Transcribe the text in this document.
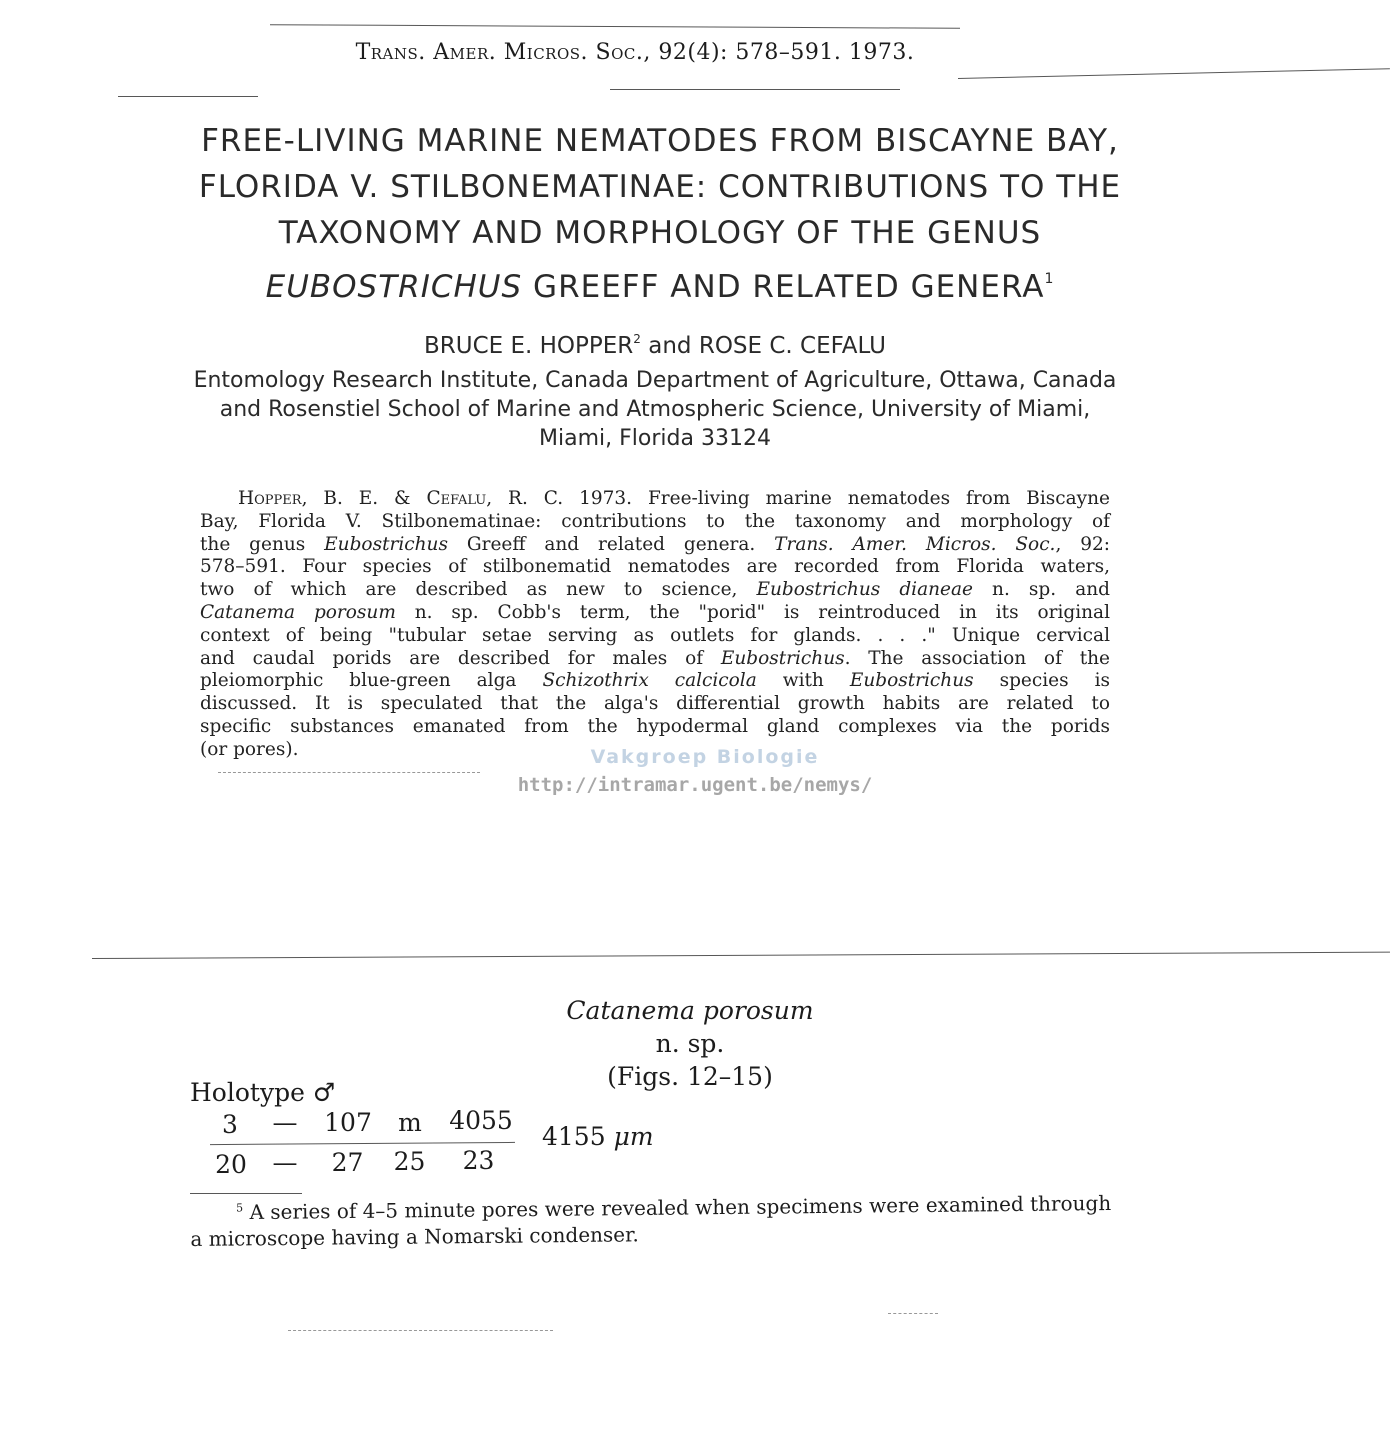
Trans. Amer. Micros. Soc., 92(4): 578–591. 1973.
FREE-LIVING MARINE NEMATODES FROM BISCAYNE BAY,
FLORIDA V. STILBONEMATINAE: CONTRIBUTIONS TO THE
TAXONOMY AND MORPHOLOGY OF THE GENUS
EUBOSTRICHUS GREEFF AND RELATED GENERA$^1$
BRUCE E. HOPPER$^2$ and ROSE C. CEFALU
Entomology Research Institute, Canada Department of Agriculture, Ottawa, Canada
and Rosenstiel School of Marine and Atmospheric Science, University of Miami,
Miami, Florida 33124
Hopper, B. E. & Cefalu, R. C. 1973. Free-living marine nematodes from Biscayne
Bay, Florida V. Stilbonematinae: contributions to the taxonomy and morphology of
the genus Eubostrichus Greeff and related genera. Trans. Amer. Micros. Soc., 92:
578–591. Four species of stilbonematid nematodes are recorded from Florida waters,
two of which are described as new to science, Eubostrichus dianeae n. sp. and
Catanema porosum n. sp. Cobb's term, the "porid" is reintroduced in its original
context of being "tubular setae serving as outlets for glands. . . ." Unique cervical
and caudal porids are described for males of Eubostrichus. The association of the
pleiomorphic blue-green alga Schizothrix calcicola with Eubostrichus species is
discussed. It is speculated that the alga's differential growth habits are related to
specific substances emanated from the hypodermal gland complexes via the porids
(or pores).	Vakgroep Biologie
http://intramar.ugent.be/nemys/
Catanema porosum
n. sp.
(Figs. 12–15)
Holotype ♂
3	—	107	m	4055
20	—	27 25 23
4155 μm
$^5$ A series of 4–5 minute pores were revealed when specimens were examined through
a microscope having a Nomarski condenser.
